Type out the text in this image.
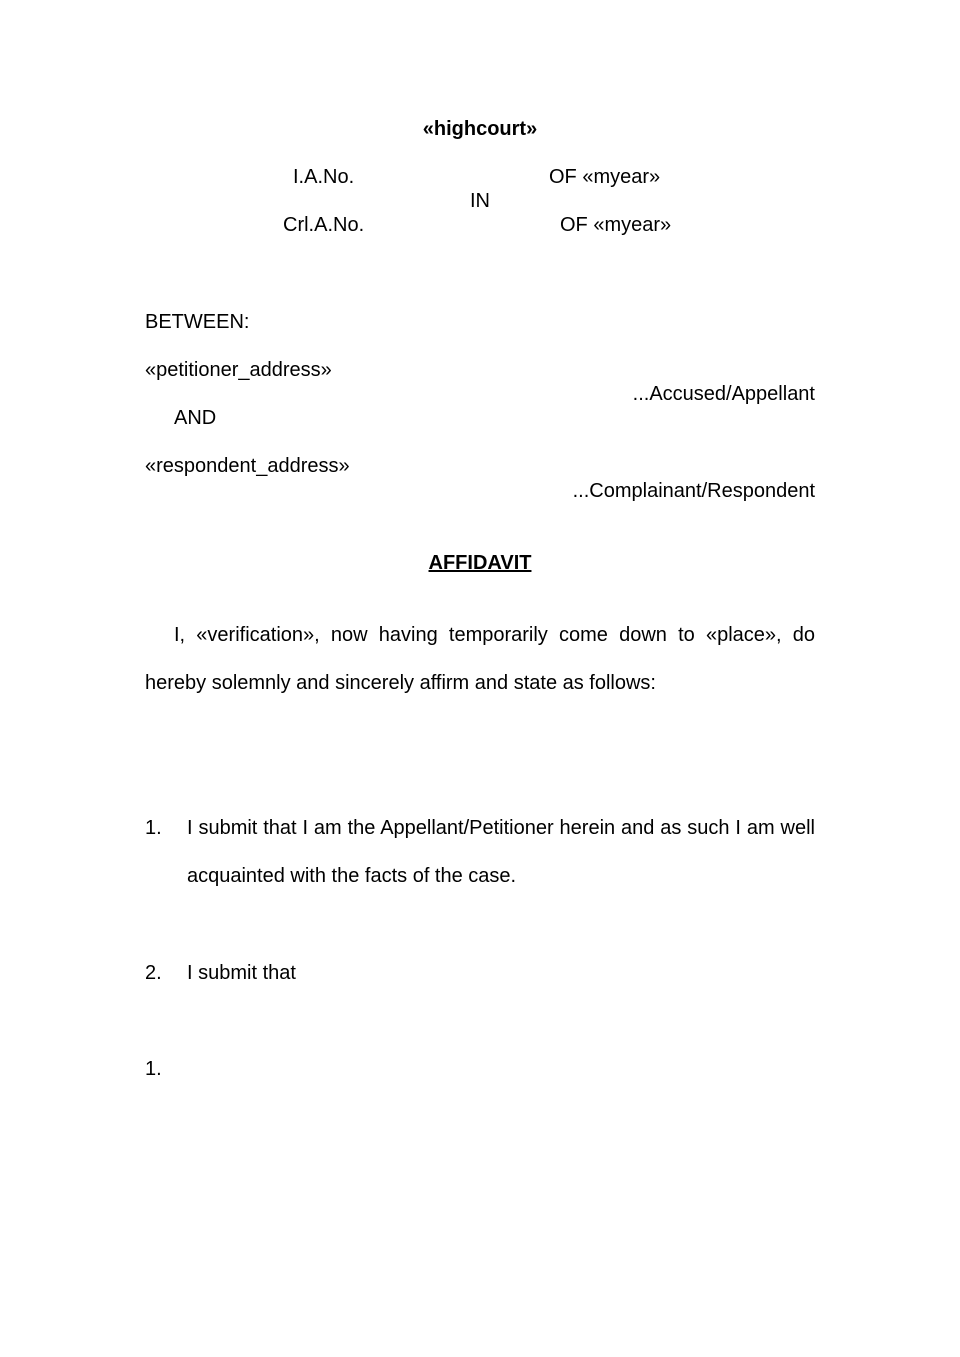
«highcourt»
I.A.No.	OF «myear»
IN
Crl.A.No.	OF «myear»
BETWEEN:
«petitioner_address»
...Accused/Appellant
AND
«respondent_address»
...Complainant/Respondent
AFFIDAVIT
I, «verification», now having temporarily come down to «place», do hereby solemnly and sincerely affirm and state as follows:
1. I submit that I am the Appellant/Petitioner herein and as such I am well acquainted with the facts of the case.
2. I submit that
1.
